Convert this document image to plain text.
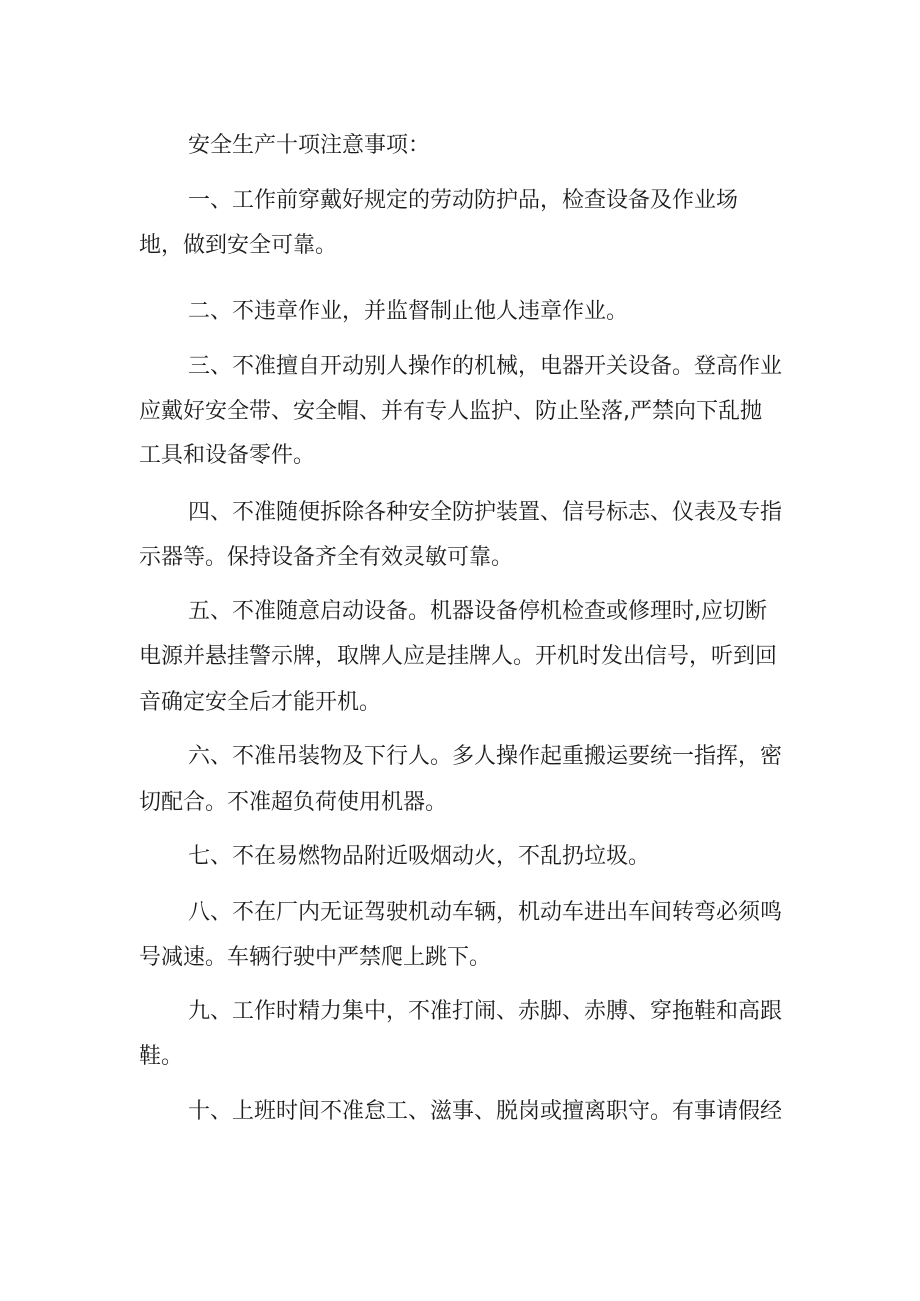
安全生产十项注意事项：
一、工作前穿戴好规定的劳动防护品，检查设备及作业场
地，做到安全可靠。
二、不违章作业，并监督制止他人违章作业。
三、不准擅自开动别人操作的机械，电器开关设备。登高作业
应戴好安全带、安全帽、并有专人监护、防止坠落,严禁向下乱抛
工具和设备零件。
四、不准随便拆除各种安全防护装置、信号标志、仪表及专指
示器等。保持设备齐全有效灵敏可靠。
五、不准随意启动设备。机器设备停机检查或修理时,应切断
电源并悬挂警示牌，取牌人应是挂牌人。开机时发出信号，听到回
音确定安全后才能开机。
六、不准吊装物及下行人。多人操作起重搬运要统一指挥，密
切配合。不准超负荷使用机器。
七、不在易燃物品附近吸烟动火，不乱扔垃圾。
八、不在厂内无证驾驶机动车辆，机动车进出车间转弯必须鸣
号减速。车辆行驶中严禁爬上跳下。
九、工作时精力集中，不准打闹、赤脚、赤膊、穿拖鞋和高跟
鞋。
十、上班时间不准怠工、滋事、脱岗或擅离职守。有事请假经
